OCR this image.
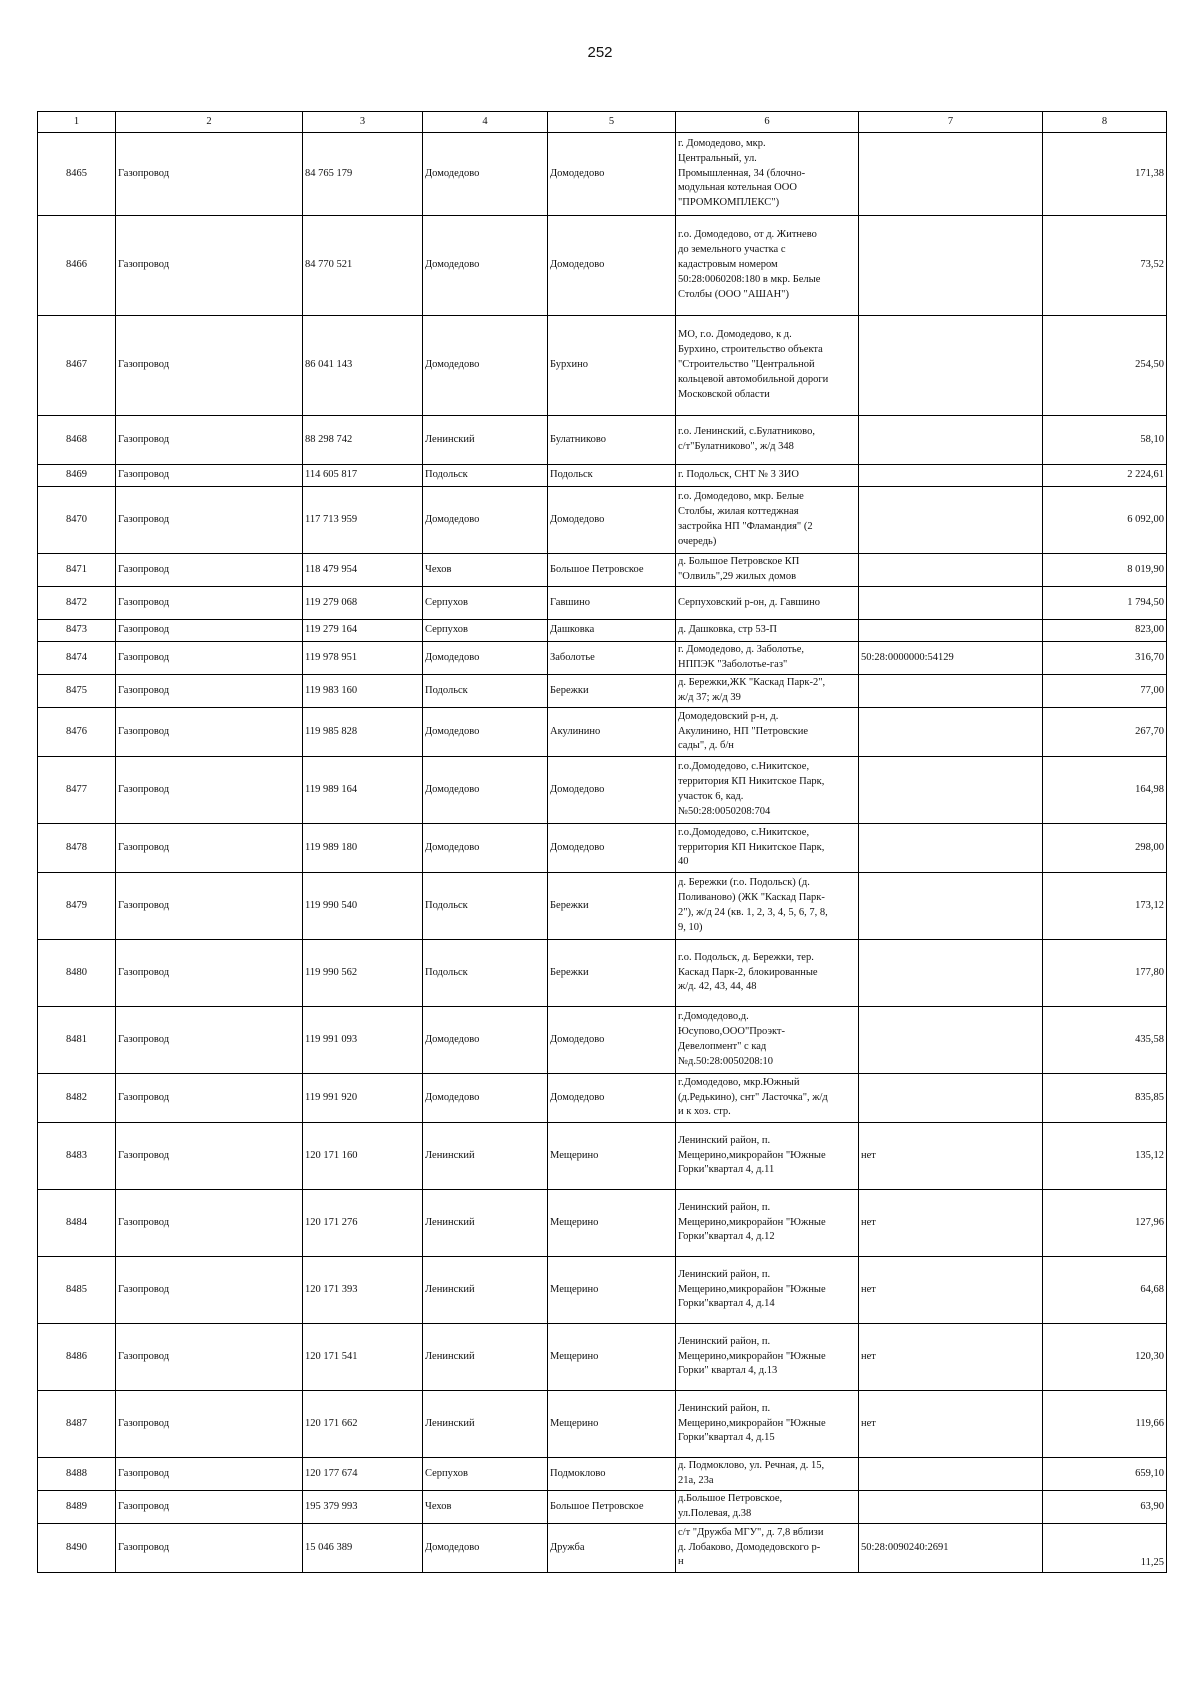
252
1	2	3	4	5	6	7	8
8465	Газопровод	84 765 179	Домодедово	Домодедово	г. Домодедово, мкр.
Центральный, ул.
Промышленная, 34 (блочно-
модульная котельная ООО
"ПРОМКОМПЛЕКС")		171,38
8466	Газопровод	84 770 521	Домодедово	Домодедово	г.о. Домодедово, от д. Житнево
до земельного участка с
кадастровым номером
50:28:0060208:180 в мкр. Белые
Столбы (ООО "АШАН")		73,52
8467	Газопровод	86 041 143	Домодедово	Бурхино	МО, г.о. Домодедово, к д.
Бурхино, строительство объекта
"Строительство "Центральной
кольцевой автомобильной дороги
Московской области		254,50
8468	Газопровод	88 298 742	Ленинский	Булатниково	г.о. Ленинский, с.Булатниково,
с/т"Булатниково", ж/д 348		58,10
8469	Газопровод	114 605 817	Подольск	Подольск	г. Подольск, СНТ № 3 ЗИО		2 224,61
8470	Газопровод	117 713 959	Домодедово	Домодедово	г.о. Домодедово, мкр. Белые
Столбы, жилая коттеджная
застройка НП "Фламандия" (2
очередь)		6 092,00
8471	Газопровод	118 479 954	Чехов	Большое Петровское	д. Большое Петровское КП
"Олвиль",29 жилых домов		8 019,90
8472	Газопровод	119 279 068	Серпухов	Гавшино	Серпуховский р-он, д. Гавшино		1 794,50
8473	Газопровод	119 279 164	Серпухов	Дашковка	д. Дашковка, стр 53-П		823,00
8474	Газопровод	119 978 951	Домодедово	Заболотье	г. Домодедово, д. Заболотье,
НППЭК "Заболотье-газ"	50:28:0000000:54129	316,70
8475	Газопровод	119 983 160	Подольск	Бережки	д. Бережки,ЖК "Каскад Парк-2",
ж/д 37; ж/д 39		77,00
8476	Газопровод	119 985 828	Домодедово	Акулинино	Домодедовский р-н, д.
Акулинино, НП "Петровские
сады", д. б/н		267,70
8477	Газопровод	119 989 164	Домодедово	Домодедово	г.о.Домодедово, с.Никитское,
территория КП Никитское Парк,
участок 6, кад.
№50:28:0050208:704		164,98
8478	Газопровод	119 989 180	Домодедово	Домодедово	г.о.Домодедово, с.Никитское,
территория КП Никитское Парк,
40		298,00
8479	Газопровод	119 990 540	Подольск	Бережки	д. Бережки (г.о. Подольск) (д.
Поливаново) (ЖК "Каскад Парк-
2"), ж/д 24 (кв. 1, 2, 3, 4, 5, 6, 7, 8,
9, 10)		173,12
8480	Газопровод	119 990 562	Подольск	Бережки	г.о. Подольск, д. Бережки, тер.
Каскад Парк-2, блокированные
ж/д. 42, 43, 44, 48		177,80
8481	Газопровод	119 991 093	Домодедово	Домодедово	г.Домодедово,д.
Юсупово,ООО"Проэкт-
Девелопмент" с кад
№д.50:28:0050208:10		435,58
8482	Газопровод	119 991 920	Домодедово	Домодедово	г.Домодедово, мкр.Южный
(д.Редькино), снт" Ласточка", ж/д
и к хоз. стр.		835,85
8483	Газопровод	120 171 160	Ленинский	Мещерино	Ленинский район, п.
Мещерино,микрорайон "Южные
Горки"квартал 4, д.11	нет	135,12
8484	Газопровод	120 171 276	Ленинский	Мещерино	Ленинский район, п.
Мещерино,микрорайон "Южные
Горки"квартал 4, д.12	нет	127,96
8485	Газопровод	120 171 393	Ленинский	Мещерино	Ленинский район, п.
Мещерино,микрорайон "Южные
Горки"квартал 4, д.14	нет	64,68
8486	Газопровод	120 171 541	Ленинский	Мещерино	Ленинский район, п.
Мещерино,микрорайон "Южные
Горки" квартал 4, д.13	нет	120,30
8487	Газопровод	120 171 662	Ленинский	Мещерино	Ленинский район, п.
Мещерино,микрорайон "Южные
Горки"квартал 4, д.15	нет	119,66
8488	Газопровод	120 177 674	Серпухов	Подмоклово	д. Подмоклово, ул. Речная, д. 15,
21а, 23а		659,10
8489	Газопровод	195 379 993	Чехов	Большое Петровское	д.Большое Петровское,
ул.Полевая, д.38		63,90
8490	Газопровод	15 046 389	Домодедово	Дружба	с/т "Дружба МГУ", д. 7,8 вблизи
д. Лобаково, Домодедовского р-
н	50:28:0090240:2691	11,25
